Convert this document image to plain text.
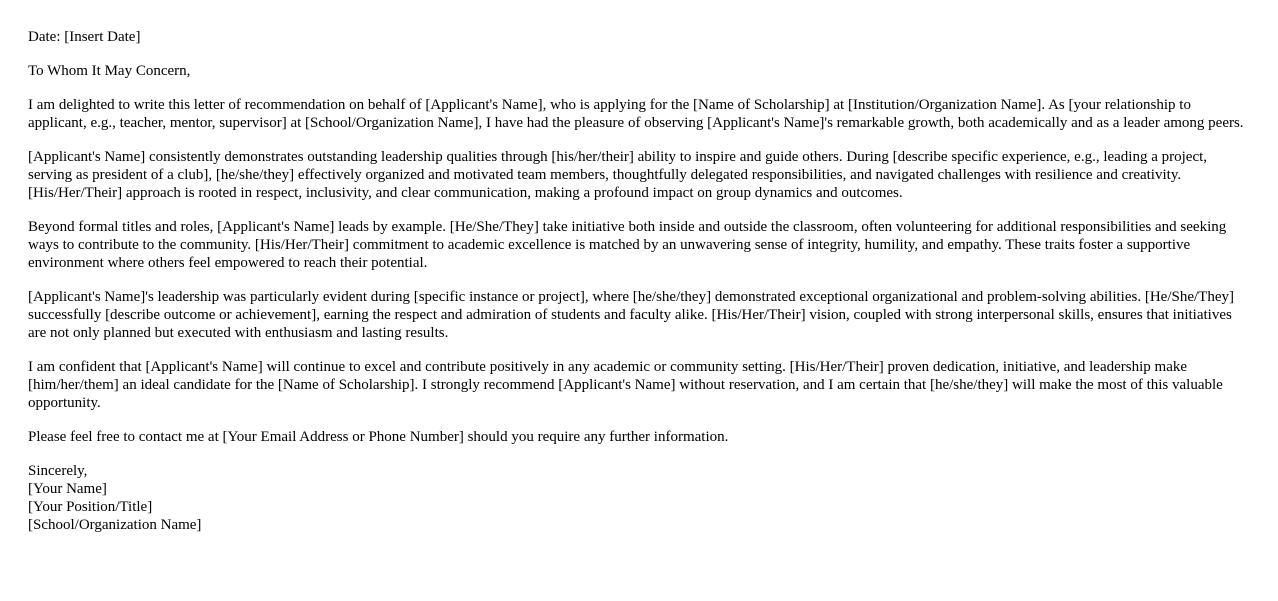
Date: [Insert Date]

To Whom It May Concern,

I am delighted to write this letter of recommendation on behalf of [Applicant's Name], who is applying for the [Name of Scholarship] at [Institution/Organization Name]. As [your relationship to applicant, e.g., teacher, mentor, supervisor] at [School/Organization Name], I have had the pleasure of observing [Applicant's Name]'s remarkable growth, both academically and as a leader among peers.

[Applicant's Name] consistently demonstrates outstanding leadership qualities through [his/her/their] ability to inspire and guide others. During [describe specific experience, e.g., leading a project, serving as president of a club], [he/she/they] effectively organized and motivated team members, thoughtfully delegated responsibilities, and navigated challenges with resilience and creativity. [His/Her/Their] approach is rooted in respect, inclusivity, and clear communication, making a profound impact on group dynamics and outcomes.

Beyond formal titles and roles, [Applicant's Name] leads by example. [He/She/They] take initiative both inside and outside the classroom, often volunteering for additional responsibilities and seeking ways to contribute to the community. [His/Her/Their] commitment to academic excellence is matched by an unwavering sense of integrity, humility, and empathy. These traits foster a supportive environment where others feel empowered to reach their potential.

[Applicant's Name]'s leadership was particularly evident during [specific instance or project], where [he/she/they] demonstrated exceptional organizational and problem-solving abilities. [He/She/They] successfully [describe outcome or achievement], earning the respect and admiration of students and faculty alike. [His/Her/Their] vision, coupled with strong interpersonal skills, ensures that initiatives are not only planned but executed with enthusiasm and lasting results.

I am confident that [Applicant's Name] will continue to excel and contribute positively in any academic or community setting. [His/Her/Their] proven dedication, initiative, and leadership make [him/her/them] an ideal candidate for the [Name of Scholarship]. I strongly recommend [Applicant's Name] without reservation, and I am certain that [he/she/they] will make the most of this valuable opportunity.

Please feel free to contact me at [Your Email Address or Phone Number] should you require any further information.

Sincerely,
[Your Name]
[Your Position/Title]
[School/Organization Name]
